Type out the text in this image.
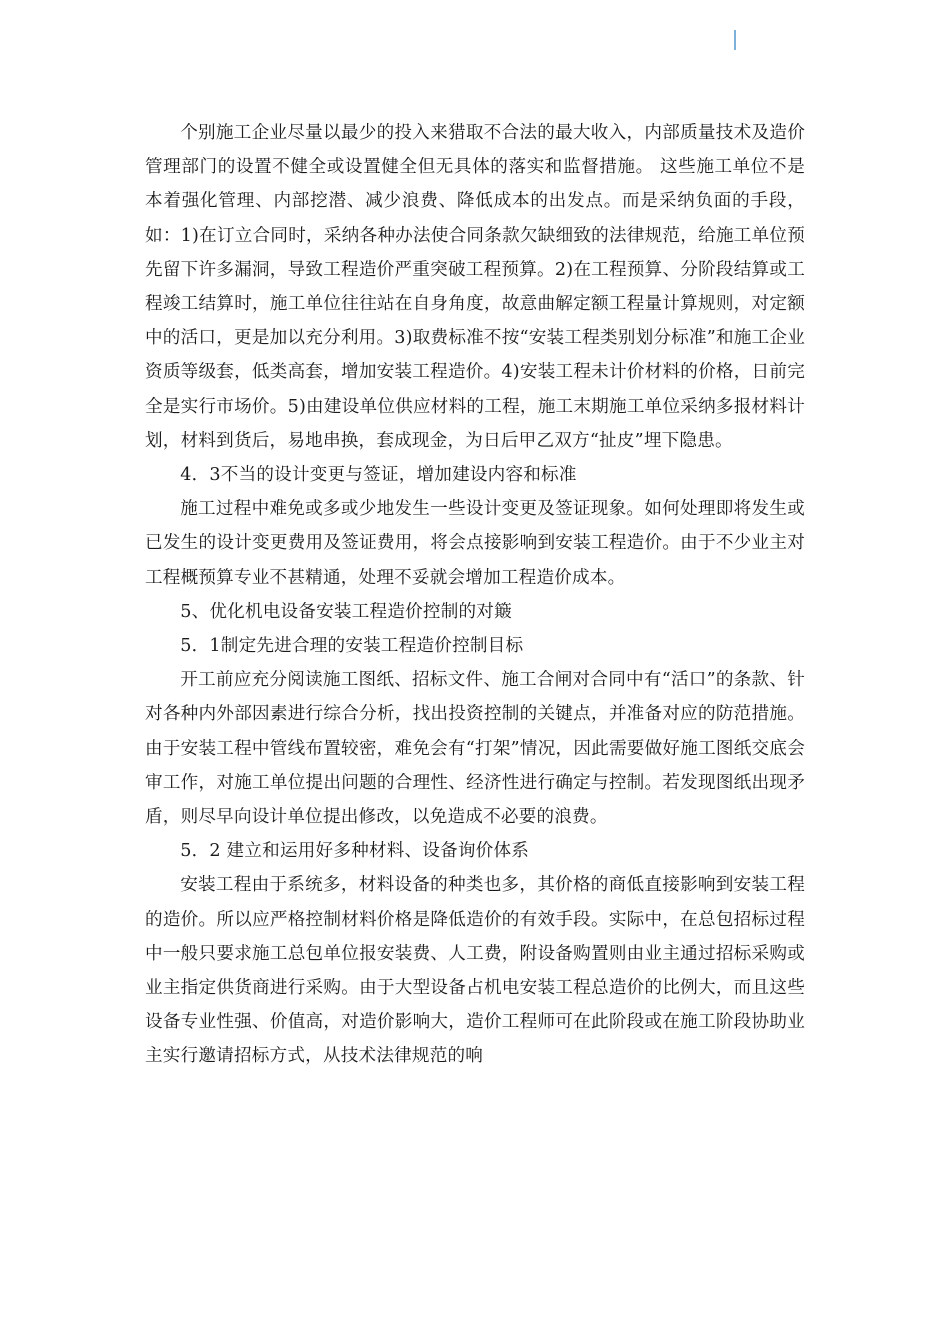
个别施工企业尽量以最少的投入来猎取不合法的最大收入，内部质量技术及造价管理部门的设置不健全或设置健全但无具体的落实和监督措施。 这些施工单位不是本着强化管理、内部挖潜、减少浪费、降低成本的出发点。而是采纳负面的手段，如：1)在订立合同时，采纳各种办法使合同条款欠缺细致的法律规范，给施工单位预先留下许多漏洞，导致工程造价严重突破工程预算。2)在工程预算、分阶段结算或工程竣工结算时，施工单位往往站在自身角度，故意曲解定额工程量计算规则，对定额中的活口，更是加以充分利用。3)取费标准不按“安装工程类别划分标准”和施工企业资质等级套，低类高套，增加安装工程造价。4)安装工程未计价材料的价格，日前完全是实行市场价。5)由建设单位供应材料的工程，施工末期施工单位采纳多报材料计划，材料到货后，易地串换，套成现金，为日后甲乙双方“扯皮”埋下隐患。

4．3不当的设计变更与签证，增加建设内容和标准

施工过程中难免或多或少地发生一些设计变更及签证现象。如何处理即将发生或已发生的设计变更费用及签证费用，将会点接影响到安装工程造价。由于不少业主对工程概预算专业不甚精通，处理不妥就会增加工程造价成本。

5、优化机电设备安装工程造价控制的对簸

5．1制定先进合理的安装工程造价控制目标

开工前应充分阅读施工图纸、招标文件、施工合闸对合同中有“活口”的条款、针对各种内外部因素进行综合分析，找出投资控制的关键点，并准备对应的防范措施。由于安装工程中管线布置较密，难免会有“打架”情况，因此需要做好施工图纸交底会审工作，对施工单位提出问题的合理性、经济性进行确定与控制。若发现图纸出现矛盾，则尽早向设计单位提出修改，以免造成不必要的浪费。

5．2 建立和运用好多种材料、设备询价体系

安装工程由于系统多，材料设备的种类也多，其价格的商低直接影响到安装工程的造价。所以应严格控制材料价格是降低造价的有效手段。实际中，在总包招标过程中一般只要求施工总包单位报安装费、人工费，附设备购置则由业主通过招标采购或业主指定供货商进行采购。由于大型设备占机电安装工程总造价的比例大，而且这些设备专业性强、价值高，对造价影响大，造价工程师可在此阶段或在施工阶段协助业主实行邀请招标方式，从技术法律规范的响
